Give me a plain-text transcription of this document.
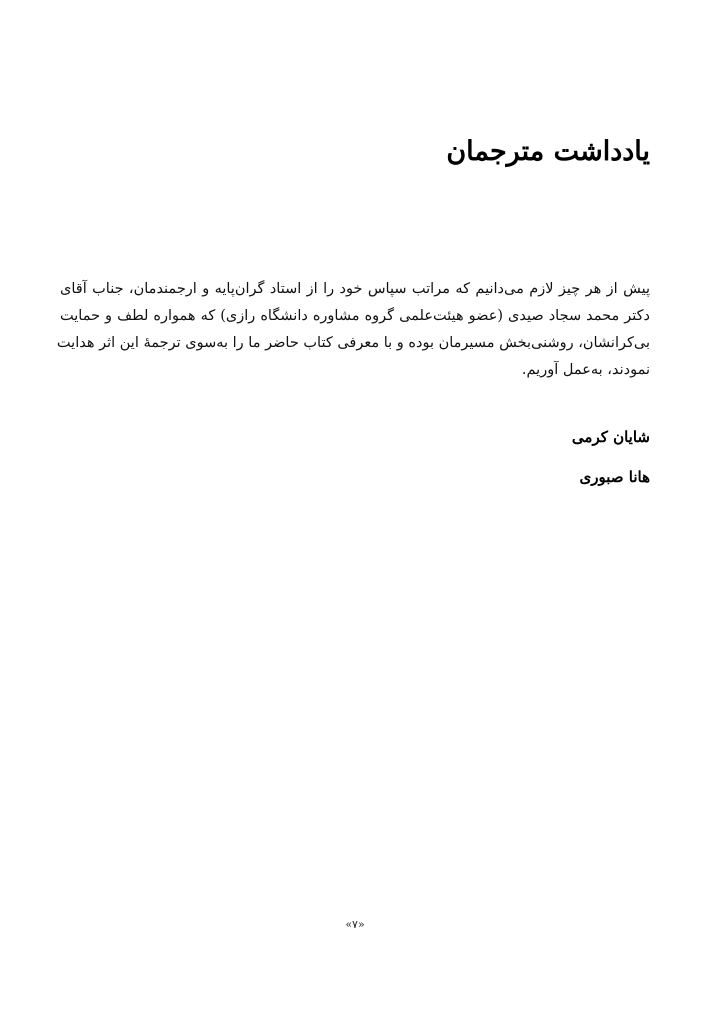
یادداشت مترجمان

پیش از هر چیز لازم می‌دانیم که مراتب سپاس خود را از استاد گران‌پایه و ارجمندمان، جناب آقای
دکتر محمد سجاد صیدی (عضو هیئت‌علمی گروه مشاوره دانشگاه رازی) که همواره لطف و حمایت
بی‌کرانشان، روشنی‌بخش مسیرمان بوده و با معرفی کتاب حاضر ما را به‌سوی ترجمهٔ این اثر هدایت
نمودند، به‌عمل آوریم.

شایان کرمی
هانا صبوری
«۷»
